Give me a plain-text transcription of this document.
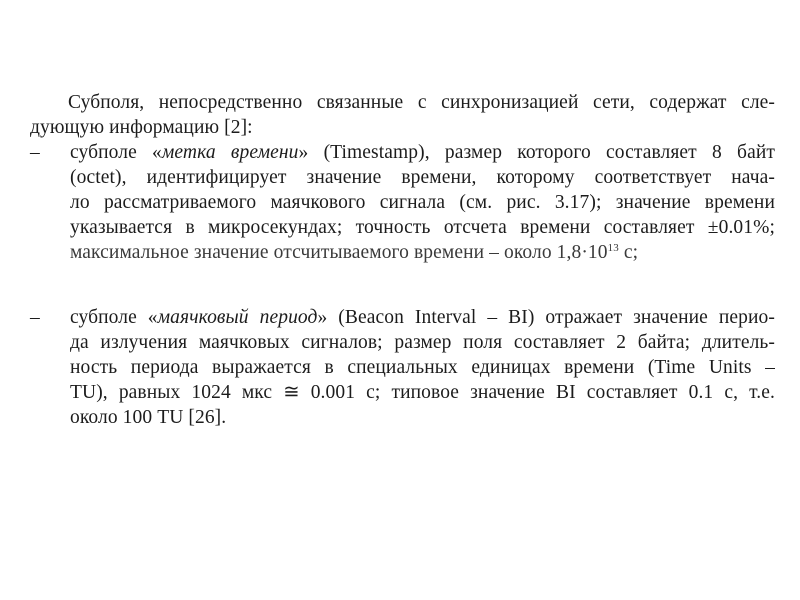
Субполя, непосредственно связанные с синхронизацией сети, содержат сле-
дующую информацию [2]:
–	субполе «метка времени» (Timestamp), размер которого составляет 8 байт
(octet), идентифицирует значение времени, которому соответствует нача-
ло рассматриваемого маячкового сигнала (см. рис. 3.17); значение времени
указывается в микросекундах; точность отсчета времени составляет ±0.01%;
максимальное значение отсчитываемого времени – около $1,8\cdot 10^{13}$ с;
–	субполе «маячковый период» (Beacon Interval – BI) отражает значение перио-
да излучения маячковых сигналов; размер поля составляет 2 байта; длитель-
ность периода выражается в специальных единицах времени (Time Units –
TU), равных 1024 мкс ≅ 0.001 с; типовое значение BI составляет 0.1 с, т.е.
около 100 TU [26].
